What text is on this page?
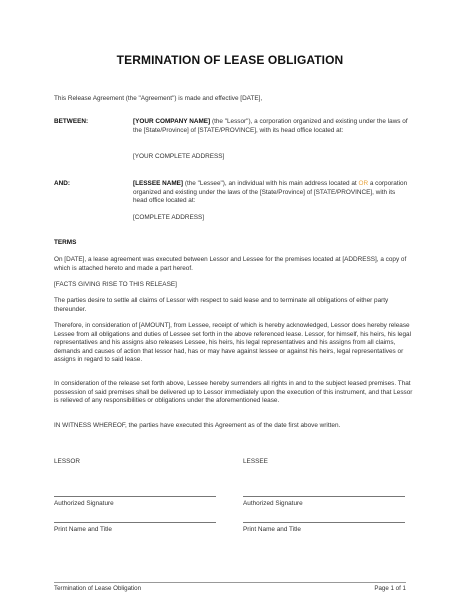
TERMINATION OF LEASE OBLIGATION
This Release Agreement (the "Agreement") is made and effective [DATE],
BETWEEN:	[YOUR COMPANY NAME] (the "Lessor"), a corporation organized and existing under the laws of the [State/Province] of [STATE/PROVINCE], with its head office located at:
[YOUR COMPLETE ADDRESS]
AND:	[LESSEE NAME] (the "Lessee"), an individual with his main address located at OR a corporation organized and existing under the laws of the [State/Province] of [STATE/PROVINCE], with its head office located at:
[COMPLETE ADDRESS]
TERMS
On [DATE], a lease agreement was executed between Lessor and Lessee for the premises located at [ADDRESS], a copy of which is attached hereto and made a part hereof.
[FACTS GIVING RISE TO THIS RELEASE]
The parties desire to settle all claims of Lessor with respect to said lease and to terminate all obligations of either party thereunder.
Therefore, in consideration of [AMOUNT], from Lessee, receipt of which is hereby acknowledged, Lessor does hereby release Lessee from all obligations and duties of Lessee set forth in the above referenced lease. Lessor, for himself, his heirs, his legal representatives and his assigns also releases Lessee, his heirs, his legal representatives and his assigns from all claims, demands and causes of action that lessor had, has or may have against lessee or against his heirs, legal representatives or assigns in regard to said lease.
In consideration of the release set forth above, Lessee hereby surrenders all rights in and to the subject leased premises. That possession of said premises shall be delivered up to Lessor immediately upon the execution of this instrument, and that Lessor is relieved of any responsibilities or obligations under the aforementioned lease.
IN WITNESS WHEREOF, the parties have executed this Agreement as of the date first above written.
LESSOR	LESSEE
Authorized Signature	Authorized Signature
Print Name and Title	Print Name and Title
Termination of Lease Obligation	Page 1 of 1
